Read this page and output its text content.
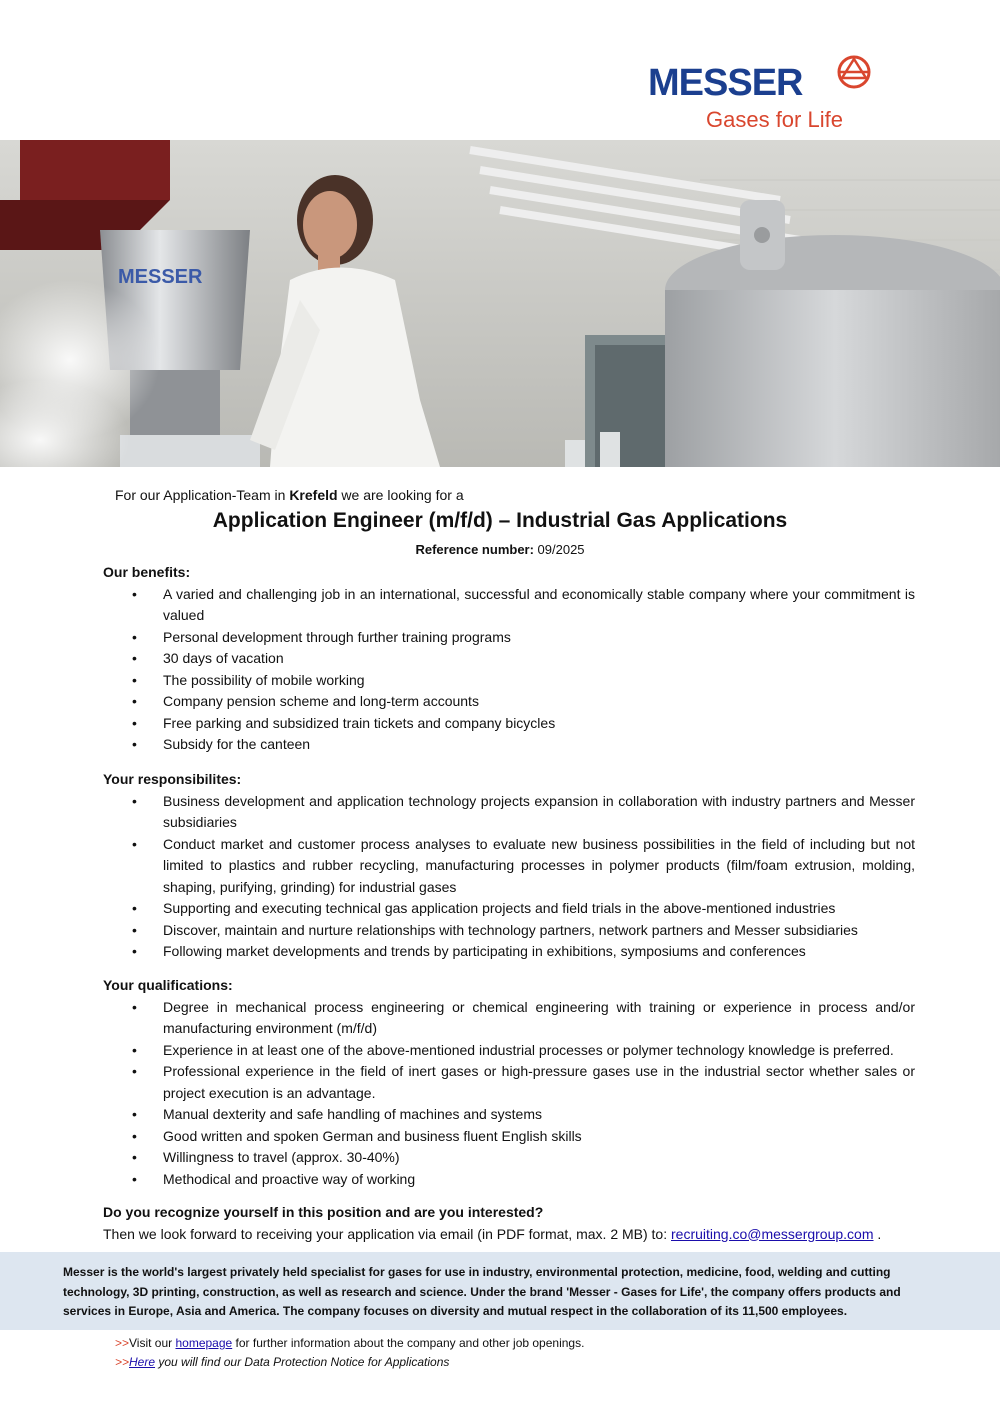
MESSER
Gases for Life
MESSER
For our Application-Team in Krefeld we are looking for a
Application Engineer (m/f/d) – Industrial Gas Applications
Reference number: 09/2025
Our benefits:
• A varied and challenging job in an international, successful and economically stable company where your commitment is valued
• Personal development through further training programs
• 30 days of vacation
• The possibility of mobile working
• Company pension scheme and long-term accounts
• Free parking and subsidized train tickets and company bicycles
• Subsidy for the canteen
Your responsibilites:
• Business development and application technology projects expansion in collaboration with industry partners and Messer subsidiaries
• Conduct market and customer process analyses to evaluate new business possibilities in the field of including but not limited to plastics and rubber recycling, manufacturing processes in polymer products (film/foam extrusion, molding, shaping, purifying, grinding) for industrial gases
• Supporting and executing technical gas application projects and field trials in the above-mentioned industries
• Discover, maintain and nurture relationships with technology partners, network partners and Messer subsidiaries
• Following market developments and trends by participating in exhibitions, symposiums and conferences
Your qualifications:
• Degree in mechanical process engineering or chemical engineering with training or experience in process and/or manufacturing environment (m/f/d)
• Experience in at least one of the above-mentioned industrial processes or polymer technology knowledge is preferred.
• Professional experience in the field of inert gases or high-pressure gases use in the industrial sector whether sales or project execution is an advantage.
• Manual dexterity and safe handling of machines and systems
• Good written and spoken German and business fluent English skills
• Willingness to travel (approx. 30-40%)
• Methodical and proactive way of working
Do you recognize yourself in this position and are you interested?
Then we look forward to receiving your application via email (in PDF format, max. 2 MB) to: recruiting.co@messergroup.com .

Messer is the world's largest privately held specialist for gases for use in industry, environmental protection, medicine, food, welding and cutting technology, 3D printing, construction, as well as research and science. Under the brand 'Messer - Gases for Life', the company offers products and services in Europe, Asia and America. The company focuses on diversity and mutual respect in the collaboration of its 11,500 employees.

>>Visit our homepage for further information about the company and other job openings.
>>Here you will find our Data Protection Notice for Applications
